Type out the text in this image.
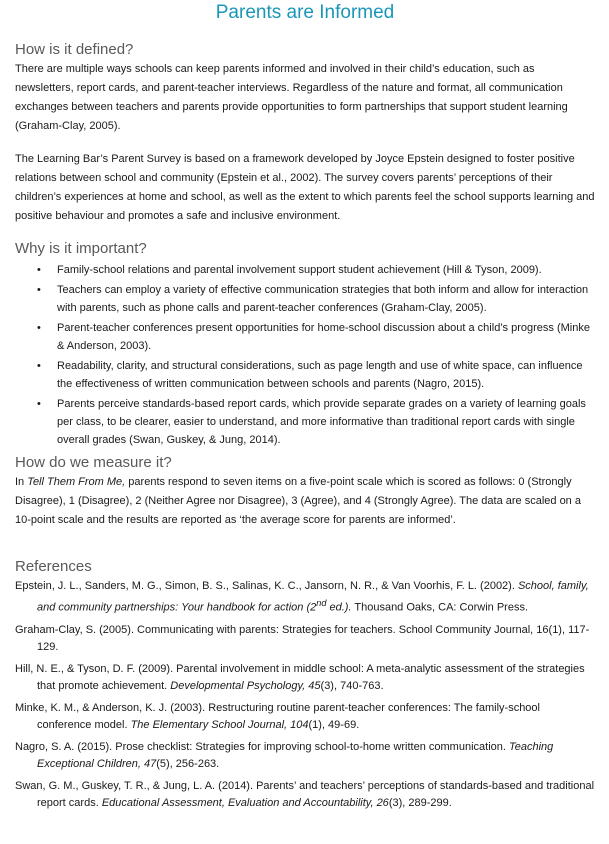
Parents are Informed
How is it defined?

There are multiple ways schools can keep parents informed and involved in their child’s education, such as newsletters, report cards, and parent-teacher interviews. Regardless of the nature and format, all communication exchanges between teachers and parents provide opportunities to form partnerships that support student learning (Graham-Clay, 2005).

The Learning Bar’s Parent Survey is based on a framework developed by Joyce Epstein designed to foster positive relations between school and community (Epstein et al., 2002). The survey covers parents’ perceptions of their children’s experiences at home and school, as well as the extent to which parents feel the school supports learning and positive behaviour and promotes a safe and inclusive environment.

Why is it important?
• Family-school relations and parental involvement support student achievement (Hill & Tyson, 2009).
• Teachers can employ a variety of effective communication strategies that both inform and allow for interaction with parents, such as phone calls and parent-teacher conferences (Graham-Clay, 2005).
• Parent-teacher conferences present opportunities for home-school discussion about a child’s progress (Minke & Anderson, 2003).
• Readability, clarity, and structural considerations, such as page length and use of white space, can influence the effectiveness of written communication between schools and parents (Nagro, 2015).
• Parents perceive standards-based report cards, which provide separate grades on a variety of learning goals per class, to be clearer, easier to understand, and more informative than traditional report cards with single overall grades (Swan, Guskey, & Jung, 2014).
How do we measure it?

In Tell Them From Me, parents respond to seven items on a five-point scale which is scored as follows: 0 (Strongly Disagree), 1 (Disagree), 2 (Neither Agree nor Disagree), 3 (Agree), and 4 (Strongly Agree). The data are scaled on a 10-point scale and the results are reported as ‘the average score for parents are informed’.

References
Epstein, J. L., Sanders, M. G., Simon, B. S., Salinas, K. C., Jansorn, N. R., & Van Voorhis, F. L. (2002). School, family, and community partnerships: Your handbook for action (2nd ed.). Thousand Oaks, CA: Corwin Press.
Graham-Clay, S. (2005). Communicating with parents: Strategies for teachers. School Community Journal, 16(1), 117-129.
Hill, N. E., & Tyson, D. F. (2009). Parental involvement in middle school: A meta-analytic assessment of the strategies that promote achievement. Developmental Psychology, 45(3), 740-763.
Minke, K. M., & Anderson, K. J. (2003). Restructuring routine parent-teacher conferences: The family-school conference model. The Elementary School Journal, 104(1), 49-69.
Nagro, S. A. (2015). Prose checklist: Strategies for improving school-to-home written communication. Teaching Exceptional Children, 47(5), 256-263.
Swan, G. M., Guskey, T. R., & Jung, L. A. (2014). Parents’ and teachers’ perceptions of standards-based and traditional report cards. Educational Assessment, Evaluation and Accountability, 26(3), 289-299.
